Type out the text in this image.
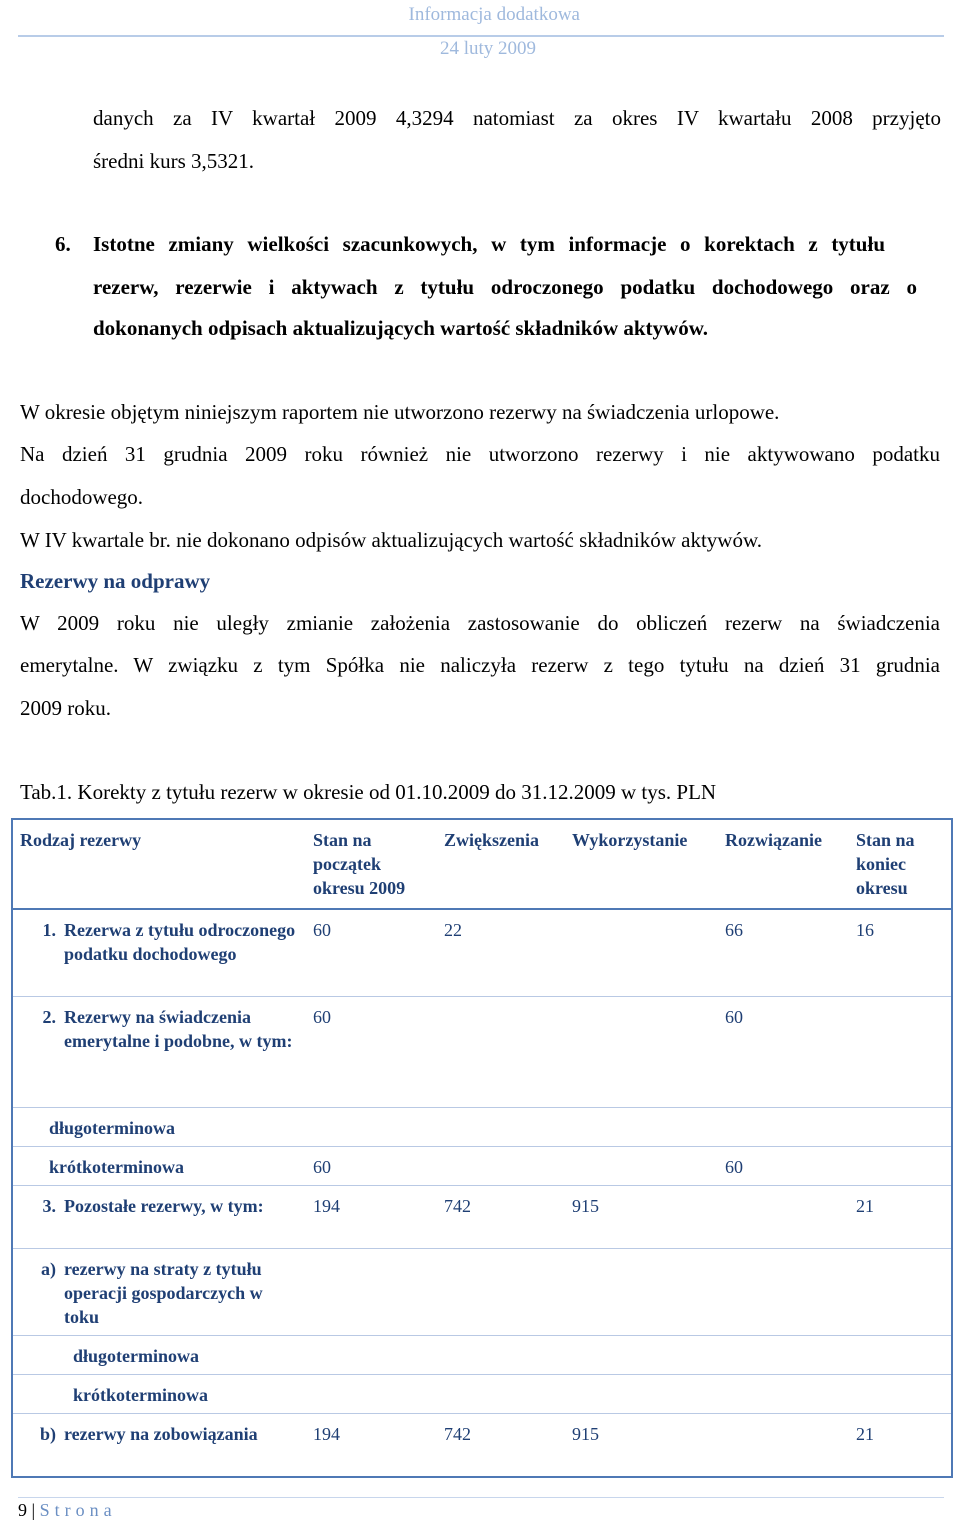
Informacja dodatkowa
24 luty 2009
danych za IV kwartał 2009 4,3294 natomiast za okres IV kwartału 2008 przyjęto
średni kurs 3,5321.
6. Istotne zmiany wielkości szacunkowych, w tym informacje o korektach z tytułu
rezerw, rezerwie i aktywach z tytułu odroczonego podatku dochodowego oraz o
dokonanych odpisach aktualizujących wartość składników aktywów.
W okresie objętym niniejszym raportem nie utworzono rezerwy na świadczenia urlopowe.
Na dzień 31 grudnia 2009 roku również nie utworzono rezerwy i nie aktywowano podatku
dochodowego.
W IV kwartale br. nie dokonano odpisów aktualizujących wartość składników aktywów.
Rezerwy na odprawy
W 2009 roku nie uległy zmianie założenia zastosowanie do obliczeń rezerw na świadczenia
emerytalne. W związku z tym Spółka nie naliczyła rezerw z tego tytułu na dzień 31 grudnia
2009 roku.
Tab.1. Korekty z tytułu rezerw w okresie od 01.10.2009 do 31.12.2009 w tys. PLN
Rodzaj rezerwy	Stan na początek okresu 2009	Zwiększenia	Wykorzystanie	Rozwiązanie	Stan na koniec okresu

1. Rezerwa z tytułu odroczonego podatku dochodowego	60	22		66	16

2. Rezerwy na świadczenia emerytalne i podobne, w tym:	60			60	
długoterminowa					
krótkoterminowa	60			60	

3. Pozostałe rezerwy, w tym:	194	742	915		21

a) rezerwy na straty z tytułu operacji gospodarczych w toku					

długoterminowa					
krótkoterminowa					

b) rezerwy na zobowiązania	194	742	915		21
9 | Strona
